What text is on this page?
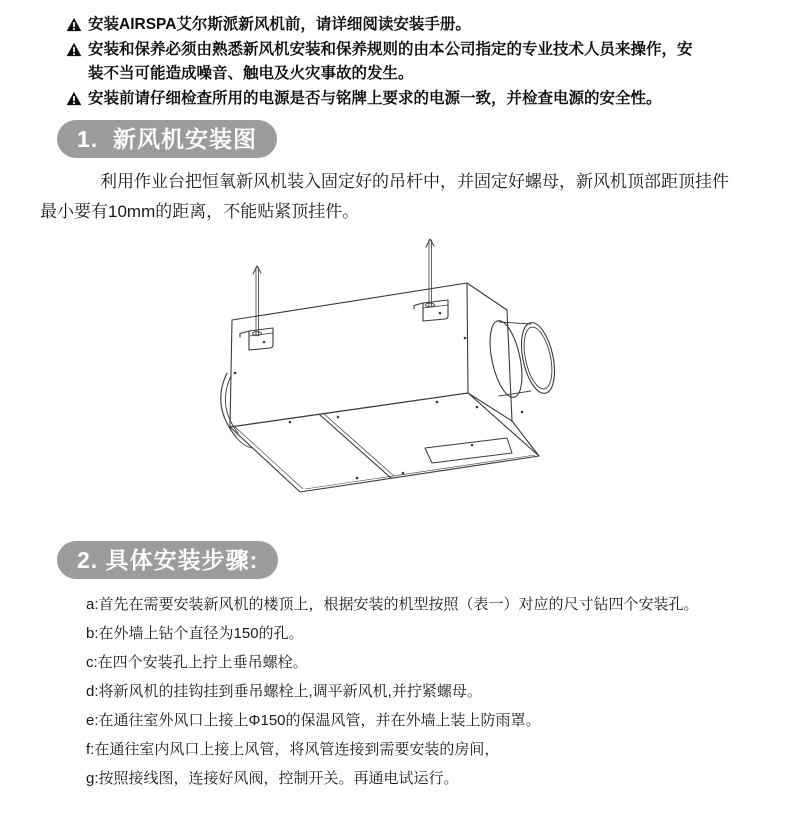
安装AIRSPA艾尔斯派新风机前，请详细阅读安装手册。
安装和保养必须由熟悉新风机安装和保养规则的由本公司指定的专业技术人员来操作，安装不当可能造成噪音、触电及火灾事故的发生。
安装前请仔细检查所用的电源是否与铭牌上要求的电源一致，并检查电源的安全性。
1.  新风机安装图
利用作业台把恒氧新风机装入固定好的吊杆中，并固定好螺母，新风机顶部距顶挂件最小要有10mm的距离，不能贴紧顶挂件。
2. 具体安装步骤:
a:首先在需要安装新风机的楼顶上，根据安装的机型按照（表一）对应的尺寸钻四个安装孔。
b:在外墙上钻个直径为150的孔。
c:在四个安装孔上拧上垂吊螺栓。
d:将新风机的挂钩挂到垂吊螺栓上,调平新风机,并拧紧螺母。
e:在通往室外风口上接上Φ150的保温风管，并在外墙上装上防雨罩。
f:在通往室内风口上接上风管，将风管连接到需要安装的房间，
g:按照接线图，连接好风阀，控制开关。再通电试运行。
